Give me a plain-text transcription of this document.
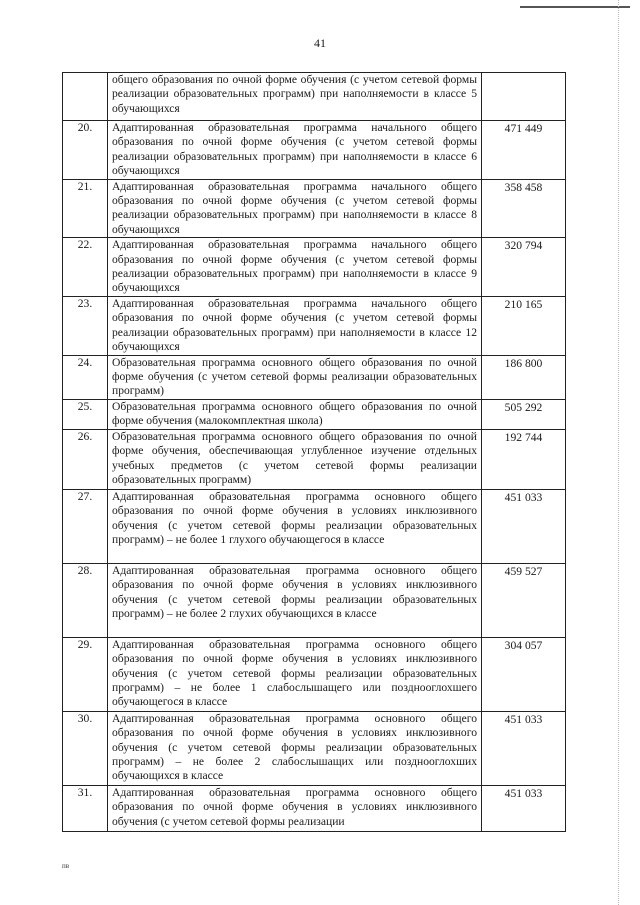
41
	общего образования по очной форме обучения (с учетом сетевой формы реализации образовательных программ) при наполняемости в классе 5 обучающихся	
20.	Адаптированная образовательная программа начального общего образования по очной форме обучения (с учетом сетевой формы реализации образовательных программ) при наполняемости в классе 6 обучающихся	471 449
21.	Адаптированная образовательная программа начального общего образования по очной форме обучения (с учетом сетевой формы реализации образовательных программ) при наполняемости в классе 8 обучающихся	358 458
22.	Адаптированная образовательная программа начального общего образования по очной форме обучения (с учетом сетевой формы реализации образовательных программ) при наполняемости в классе 9 обучающихся	320 794
23.	Адаптированная образовательная программа начального общего образования по очной форме обучения (с учетом сетевой формы реализации образовательных программ) при наполняемости в классе 12 обучающихся	210 165
24.	Образовательная программа основного общего образования по очной форме обучения (с учетом сетевой формы реализации образовательных программ)	186 800
25.	Образовательная программа основного общего образования по очной форме обучения (малокомплектная школа)	505 292
26.	Образовательная программа основного общего образования по очной форме обучения, обеспечивающая углубленное изучение отдельных учебных предметов (с учетом сетевой формы реализации образовательных программ)	192 744
27.	Адаптированная образовательная программа основного общего образования по очной форме обучения в условиях инклюзивного обучения (с учетом сетевой формы реализации образовательных программ) – не более 1 глухого обучающегося в классе	451 033
28.	Адаптированная образовательная программа основного общего образования по очной форме обучения в условиях инклюзивного обучения (с учетом сетевой формы реализации образовательных программ) – не более 2 глухих обучающихся в классе	459 527
29.	Адаптированная образовательная программа основного общего образования по очной форме обучения в условиях инклюзивного обучения (с учетом сетевой формы реализации образовательных программ) – не более 1 слабослышащего или позднооглохшего обучающегося в классе	304 057
30.	Адаптированная образовательная программа основного общего образования по очной форме обучения в условиях инклюзивного обучения (с учетом сетевой формы реализации образовательных программ) – не более 2 слабослышащих или позднооглохших обучающихся в классе	451 033
31.	Адаптированная образовательная программа основного общего образования по очной форме обучения в условиях инклюзивного обучения (с учетом сетевой формы реализации	451 033
пв
